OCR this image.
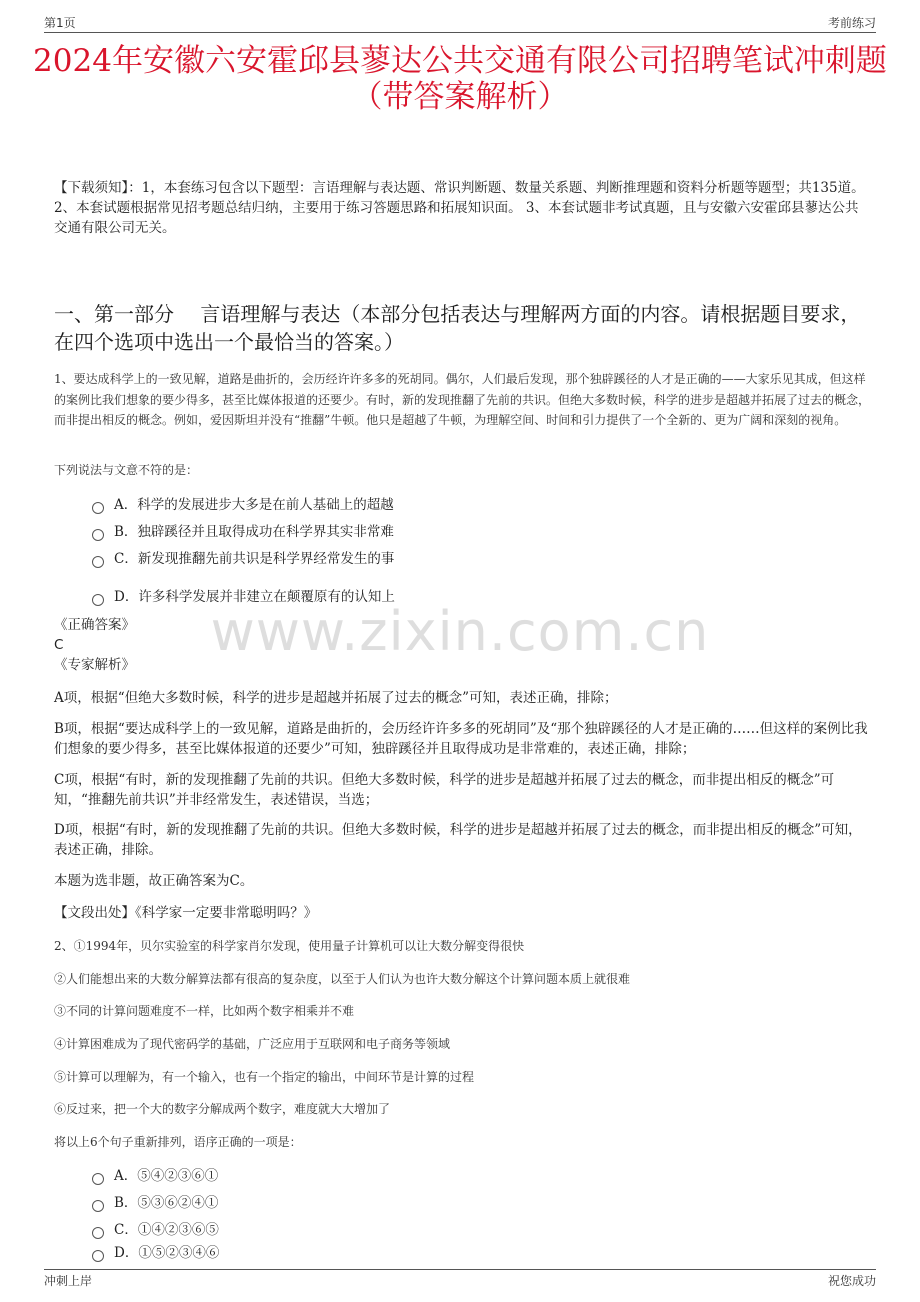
第1页	考前练习
2024年安徽六安霍邱县蓼达公共交通有限公司招聘笔试冲刺题
（带答案解析）
【下载须知】：1，本套练习包含以下题型：言语理解与表达题、常识判断题、数量关系题、判断推理题和资料分析题等题型；共135道。 2、本套试题根据常见招考题总结归纳，主要用于练习答题思路和拓展知识面。 3、本套试题非考试真题，且与安徽六安霍邱县蓼达公共交通有限公司无关。
一、第一部分　 言语理解与表达（本部分包括表达与理解两方面的内容。请根据题目要求，在四个选项中选出一个最恰当的答案。）
1、要达成科学上的一致见解，道路是曲折的，会历经许许多多的死胡同。偶尔，人们最后发现，那个独辟蹊径的人才是正确的——大家乐见其成，但这样的案例比我们想象的要少得多，甚至比媒体报道的还要少。有时，新的发现推翻了先前的共识。但绝大多数时候，科学的进步是超越并拓展了过去的概念，而非提出相反的概念。例如，爱因斯坦并没有“推翻”牛顿。他只是超越了牛顿，为理解空间、时间和引力提供了一个全新的、更为广阔和深刻的视角。
下列说法与文意不符的是：
A．科学的发展进步大多是在前人基础上的超越
B．独辟蹊径并且取得成功在科学界其实非常难
C．新发现推翻先前共识是科学界经常发生的事
D．许多科学发展并非建立在颠覆原有的认知上
www.zixin.com.cn
《正确答案》
C
《专家解析》
A项，根据“但绝大多数时候，科学的进步是超越并拓展了过去的概念”可知，表述正确，排除；
B项，根据“要达成科学上的一致见解，道路是曲折的，会历经许许多多的死胡同”及“那个独辟蹊径的人才是正确的……但这样的案例比我们想象的要少得多，甚至比媒体报道的还要少”可知，独辟蹊径并且取得成功是非常难的，表述正确，排除；
C项，根据“有时，新的发现推翻了先前的共识。但绝大多数时候，科学的进步是超越并拓展了过去的概念，而非提出相反的概念”可知，“推翻先前共识”并非经常发生，表述错误，当选；
D项，根据“有时，新的发现推翻了先前的共识。但绝大多数时候，科学的进步是超越并拓展了过去的概念，而非提出相反的概念”可知，表述正确，排除。
本题为选非题，故正确答案为C。
【文段出处】《科学家一定要非常聪明吗？》
2、①1994年，贝尔实验室的科学家肖尔发现，使用量子计算机可以让大数分解变得很快
②人们能想出来的大数分解算法都有很高的复杂度，以至于人们认为也许大数分解这个计算问题本质上就很难
③不同的计算问题难度不一样，比如两个数字相乘并不难
④计算困难成为了现代密码学的基础，广泛应用于互联网和电子商务等领域
⑤计算可以理解为，有一个输入，也有一个指定的输出，中间环节是计算的过程
⑥反过来，把一个大的数字分解成两个数字，难度就大大增加了
将以上6个句子重新排列，语序正确的一项是：
A．⑤④②③⑥①
B．⑤③⑥②④①
C．①④②③⑥⑤
D．①⑤②③④⑥
冲刺上岸	祝您成功
